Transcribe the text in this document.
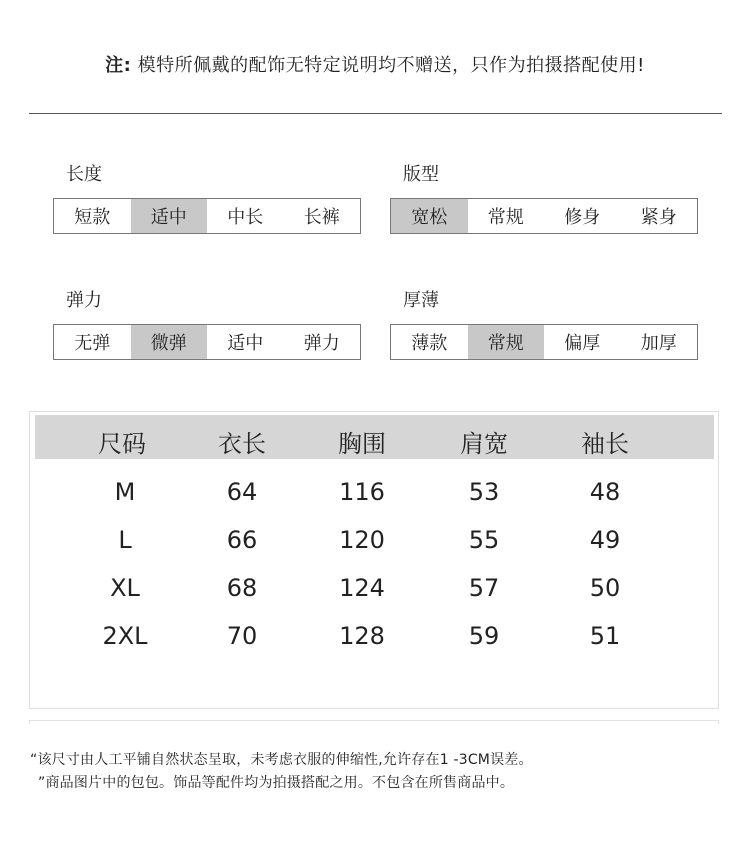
注: 模特所佩戴的配饰无特定说明均不赠送，只作为拍摄搭配使用!
长度
短款	适中	中长	长裤
版型
宽松	常规	修身	紧身
弹力
无弹	微弹	适中	弹力
厚薄
薄款	常规	偏厚	加厚
尺码	衣长	胸围	肩宽	袖长
M	64	116	53	48
L	66	120	55	49
XL	68	124	57	50
2XL	70	128	59	51
“该尺寸由人工平铺自然状态呈取，未考虑衣服的伸缩性,允许存在1 -3CM误差。
”商品图片中的包包。饰品等配件均为拍摄搭配之用。不包含在所售商品中。
